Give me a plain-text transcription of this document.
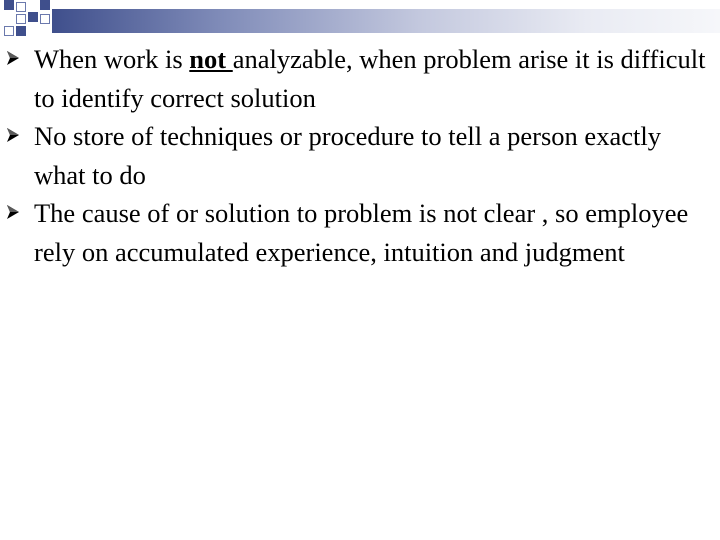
When work is not analyzable, when problem arise it is difficult to identify correct solution
No store of techniques or procedure to tell a person exactly what to do
The cause of or solution to problem is not clear , so employee rely on accumulated experience, intuition and judgment
